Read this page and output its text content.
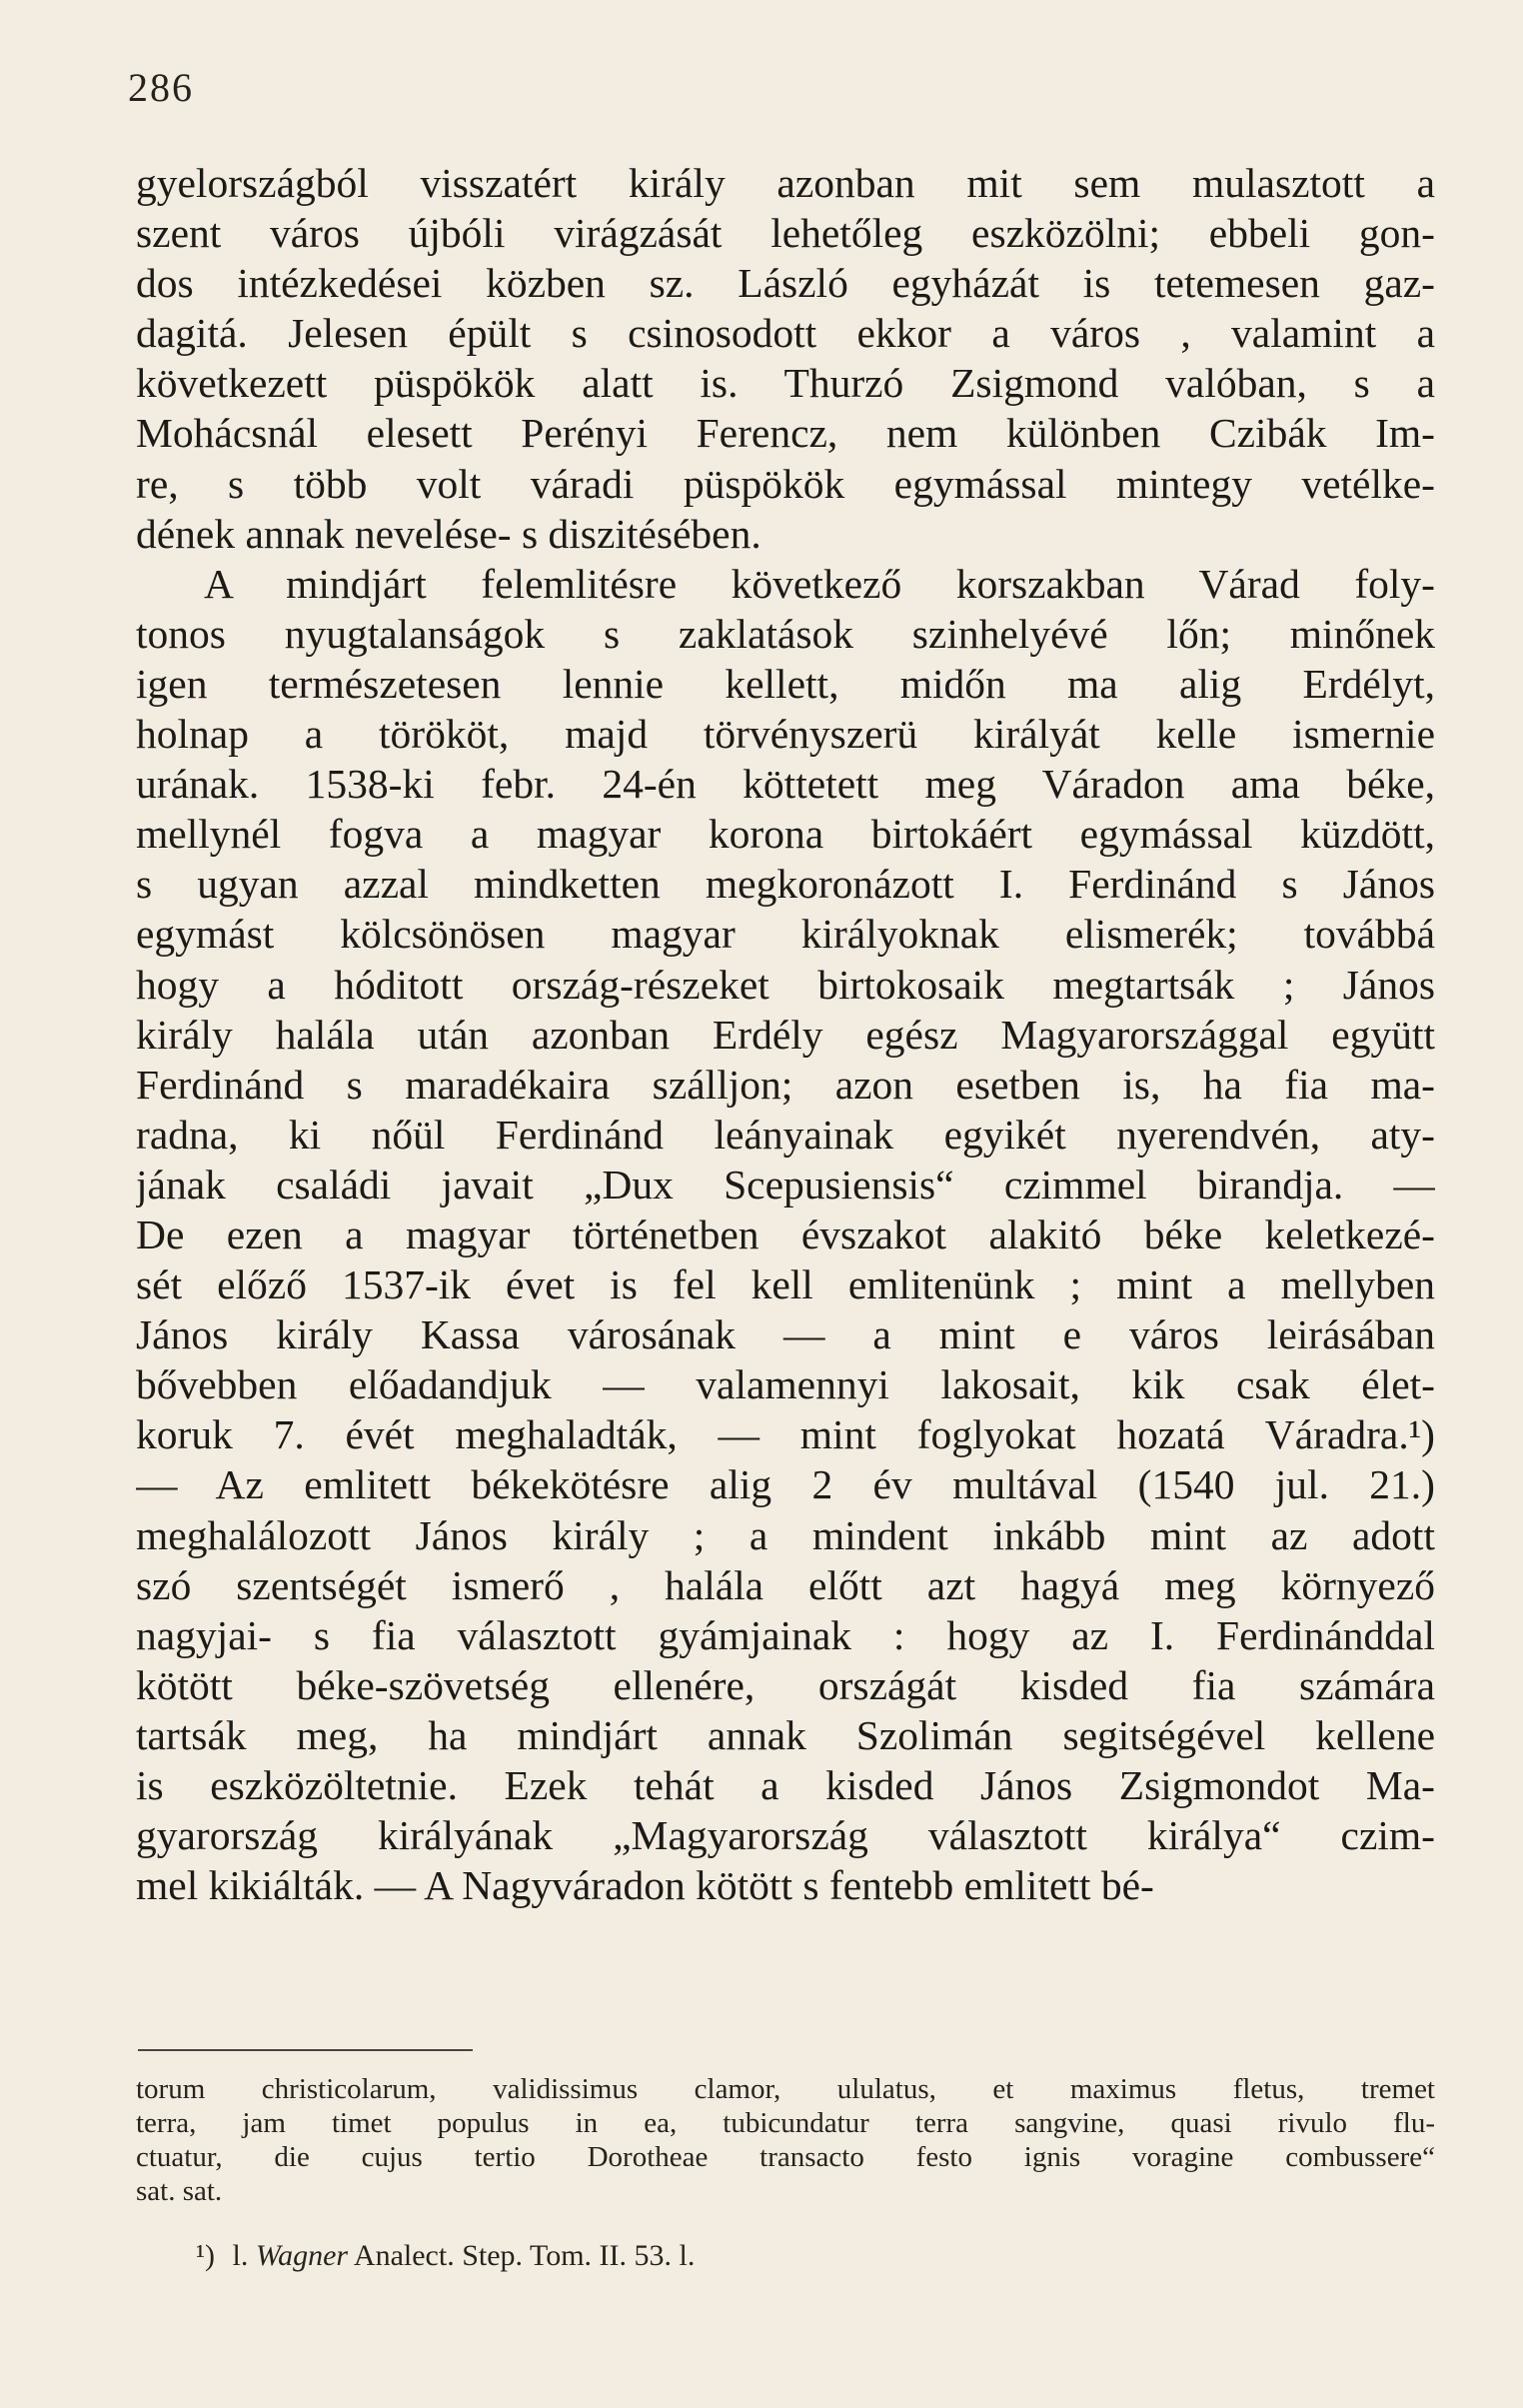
286
gyelországból visszatért király azonban mit sem mulasztott a
szent város újbóli virágzását lehetőleg eszközölni; ebbeli gon-
dos intézkedései közben sz. László egyházát is tetemesen gaz-
dagitá. Jelesen épült s csinosodott ekkor a város , valamint a
következett püspökök alatt is. Thurzó Zsigmond valóban, s a
Mohácsnál elesett Perényi Ferencz, nem különben Czibák Im-
re, s több volt váradi püspökök egymással mintegy vetélke-
dének annak nevelése- s diszitésében.
A mindjárt felemlitésre következő korszakban Várad foly-
tonos nyugtalanságok s zaklatások szinhelyévé lőn; minőnek
igen természetesen lennie kellett, midőn ma alig Erdélyt,
holnap a törököt, majd törvényszerü királyát kelle ismernie
urának. 1538-ki febr. 24-én köttetett meg Váradon ama béke,
mellynél fogva a magyar korona birtokáért egymással küzdött,
s ugyan azzal mindketten megkoronázott I. Ferdinánd s János
egymást kölcsönösen magyar királyoknak elismerék; továbbá
hogy a hóditott ország-részeket birtokosaik megtartsák ; János
király halála után azonban Erdély egész Magyarországgal együtt
Ferdinánd s maradékaira szálljon; azon esetben is, ha fia ma-
radna, ki nőül Ferdinánd leányainak egyikét nyerendvén, aty-
jának családi javait „Dux Scepusiensis“ czimmel birandja. —
De ezen a magyar történetben évszakot alakitó béke keletkezé-
sét előző 1537-ik évet is fel kell emlitenünk ; mint a mellyben
János király Kassa városának — a mint e város leirásában
bővebben előadandjuk — valamennyi lakosait, kik csak élet-
koruk 7. évét meghaladták, — mint foglyokat hozatá Váradra.¹)
— Az emlitett békekötésre alig 2 év multával (1540 jul. 21.)
meghalálozott János király ; a mindent inkább mint az adott
szó szentségét ismerő , halála előtt azt hagyá meg környező
nagyjai- s fia választott gyámjainak : hogy az I. Ferdinánddal
kötött béke-szövetség ellenére, országát kisded fia számára
tartsák meg, ha mindjárt annak Szolimán segitségével kellene
is eszközöltetnie. Ezek tehát a kisded János Zsigmondot Ma-
gyarország királyának „Magyarország választott királya“ czim-
mel kikiálták. — A Nagyváradon kötött s fentebb emlitett bé-
torum christicolarum, validissimus clamor, ululatus, et maximus fletus, tremet
terra, jam timet populus in ea, tubicundatur terra sangvine, quasi rivulo flu-
ctuatur, die cujus tertio Dorotheae transacto festo ignis voragine combussere“
sat. sat.
¹) l. Wagner Analect. Step. Tom. II. 53. l.
